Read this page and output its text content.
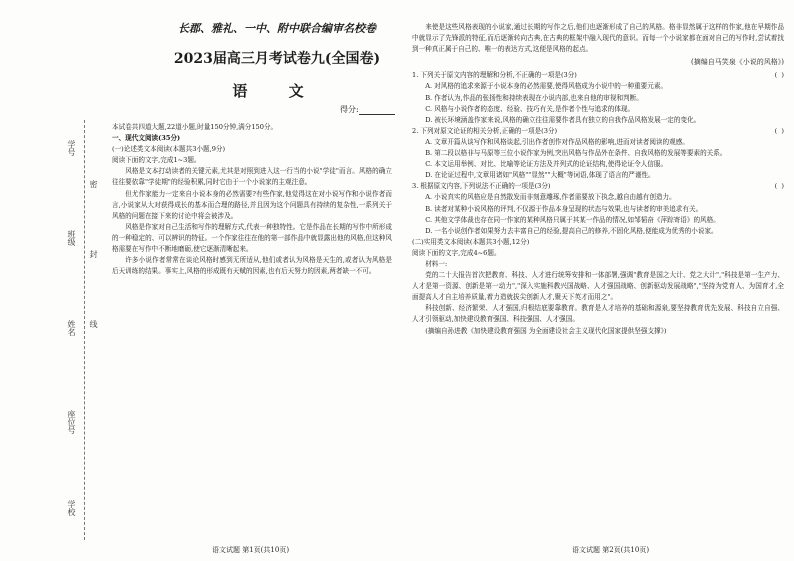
学号
班级
姓名
座位号
密
封
线
学校
长郡、雅礼、一中、附中联合编审名校卷
2023届高三月考试卷九(全国卷)
语 文
得分:

本试卷共四道大题,22道小题,时量150分钟,满分150分。

一、现代文阅读(35分)

(一)论述类文本阅读(本题共3小题,9分)

阅读下面的文字,完成1~3题。

风格是文本打动读者的关键元素,尤其是对照到进入这一行当的小说"学徒"而言。风格的确立往往要依靠"学徒期"的经验积累,同时它由于一个小说家的主观注意。

但尤作家能力一定来自小说本身的必然需要?有些作家,他觉得这在对小说写作和小说作者而言,小说家从大对获得成长的基本而合理的路径,并且因为这个问题具有持续的复杂性,一系列关于风格的问题在接下来的讨论中将会被涉及。

风格是作家对自己生活和写作的理解方式,代表一种独特性。它是作品在长期的写作中所形成的一种稳定的、可以辨识的特征。一个作家往往在他的第一部作品中就显露出他的风格,但这种风格需要在写作中不断地磨砺,使它逐渐清晰起来。

许多小说作者常常在谈论风格时感到无所适从,他们或者认为风格是天生的,或者认为风格是后天训练的结果。事实上,风格的形成既有天赋的因素,也有后天努力的因素,两者缺一不可。

语文试题 第1页(共10页)

来使是这些风格表现的小说家,通过长期的写作之后,他们也逐渐形成了自己的风格。格非显然属于这样的作家,他在早期作品中就显示了先锋派的特征,而后逐渐转向古典,在古典的框架中融入现代的意识。而每一个小说家都在面对自己的写作时,尝试着找到一种真正属于自己的、唯一的表达方式,这便是风格的起点。

(摘编自马笑泉《小说的风格》)
1. 下列关于原文内容的理解和分析,不正确的一项是(3分)	(  )

A. 对风格的追求来源于小说本身的必然需要,使得风格成为小说中的一种重要元素。

B. 作者认为,作品的张扬性和持续表现在小说内部,也来自他的审视和判断。

C. 风格与小说作者的态度、经验、技巧有关,是作者个性与追求的体现。

D. 被长环境涵盖作家来说,风格的确立往往需要作者具有独立的自我作品风格发展一定的变化。

2. 下列对原文论证的相关分析,正确的一项是(3分)	(  )

A. 文章开篇从谈写作和风格谈起,引出作者创作对作品风格的影响,进而对读者阅读的观感。

B. 第二段以格非与马原等三位小说作家为例,突出风格与作品外在条件、自我风格的发展等要素的关系。

C. 本文运用举例、对比、比喻等论证方法及并列式的论证结构,使得论证令人信服。

D. 在论证过程中,文章用诸如"风格""显然""大概"等词语,体现了语言的严谨性。

3. 根据原文内容,下列说法不正确的一项是(3分)	(  )

A. 小说真实的风格应是自然散发而非刻意雕琢,作者需要放下执念,越自由越有创造力。

B. 读者对某种小说风格的评判,不仅源于作品本身呈现的状态与效果,也与读者的审美追求有关。

C. 其他文学体裁也存在同一作家的某种风格只属于其某一作品的情况,如邹韬奋《萍踪寄语》的风格。

D. 一名小说创作者如果努力去丰富自己的经验,提高自己的修养,不固化风格,便能成为优秀的小说家。

(二)实用类文本阅读(本题共3小题,12分)

阅读下面的文字,完成4~6题。

材料一:

党的二十大报告首次把教育、科技、人才进行统筹安排和一体部署,强调"教育是国之大计、党之大计","科技是第一生产力、人才是第一资源、创新是第一动力","深入实施科教兴国战略、人才强国战略、创新驱动发展战略","坚持为党育人、为国育才,全面提高人才自主培养质量,着力造就拔尖创新人才,聚天下英才而用之"。

科技创新、经济繁荣、人才强国,归根结底要靠教育。教育是人才培养的基础和源泉,要坚持教育优先发展、科技自立自强、人才引领驱动,加快建设教育强国、科技强国、人才强国。

(摘编自孙进教《加快建设教育强国 为全面建设社会主义现代化国家提供坚强支撑》)

语文试题 第2页(共10页)
